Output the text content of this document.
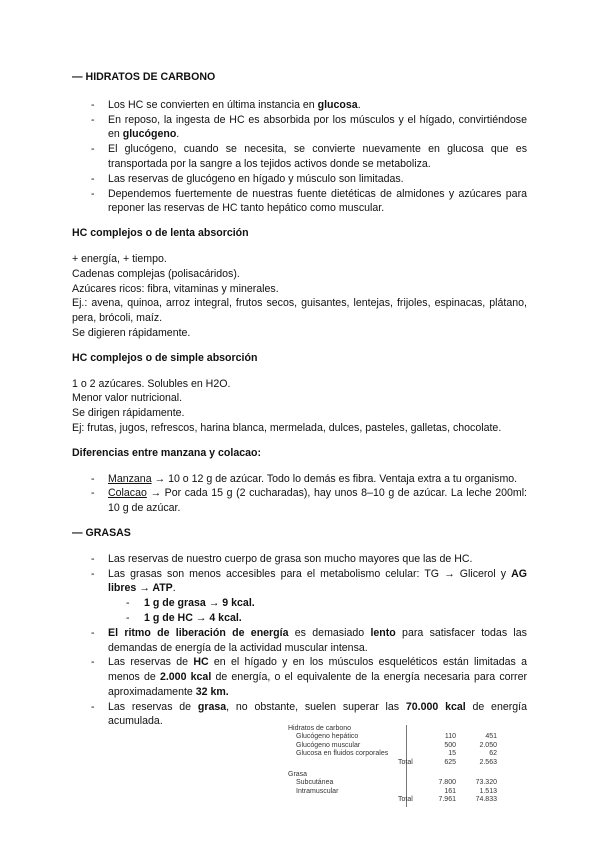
— HIDRATOS DE CARBONO
- Los HC se convierten en última instancia en glucosa.
- En reposo, la ingesta de HC es absorbida por los músculos y el hígado, convirtiéndose en glucógeno.
- El glucógeno, cuando se necesita, se convierte nuevamente en glucosa que es transportada por la sangre a los tejidos activos donde se metaboliza.
- Las reservas de glucógeno en hígado y músculo son limitadas.
- Dependemos fuertemente de nuestras fuente dietéticas de almidones y azúcares para reponer las reservas de HC tanto hepático como muscular.
HC complejos o de lenta absorción

+ energía, + tiempo.

Cadenas complejas (polisacáridos).

Azúcares ricos: fibra, vitaminas y minerales.

Ej.: avena, quinoa, arroz integral, frutos secos, guisantes, lentejas, frijoles, espinacas, plátano, pera, brócoli, maíz.

Se digieren rápidamente.

HC complejos o de simple absorción

1 o 2 azúcares. Solubles en H2O.

Menor valor nutricional.

Se dirigen rápidamente.

Ej: frutas, jugos, refrescos, harina blanca, mermelada, dulces, pasteles, galletas, chocolate.

Diferencias entre manzana y colacao:
- Manzana → 10 o 12 g de azúcar. Todo lo demás es fibra. Ventaja extra a tu organismo.
- Colacao → Por cada 15 g (2 cucharadas), hay unos 8–10 g de azúcar. La leche 200ml: 10 g de azúcar.
— GRASAS
- Las reservas de nuestro cuerpo de grasa son mucho mayores que las de HC.
- Las grasas son menos accesibles para el metabolismo celular: TG → Glicerol y AG libres → ATP.
- 1 g de grasa → 9 kcal.
- 1 g de HC → 4 kcal.
- El ritmo de liberación de energía es demasiado lento para satisfacer todas las demandas de energía de la actividad muscular intensa.
- Las reservas de HC en el hígado y en los músculos esqueléticos están limitadas a menos de 2.000 kcal de energía, o el equivalente de la energía necesaria para correr aproximadamente 32 km.
- Las reservas de grasa, no obstante, suelen superar las 70.000 kcal de energía acumulada.
Hidratos de carbono
Glucógeno hepático	110	451
Glucógeno muscular	500	2.050
Glucosa en fluidos corporales	15	62
Total	625	2.563
Grasa
Subcutánea	7.800	73.320
Intramuscular	161	1.513
Total	7.961	74.833
